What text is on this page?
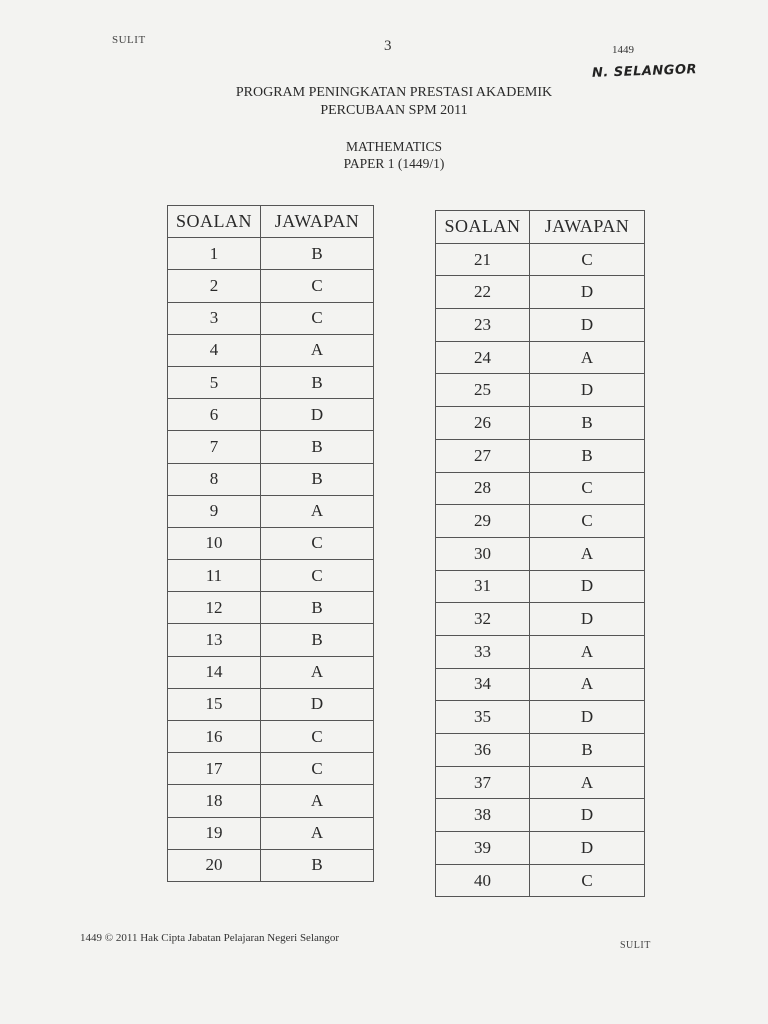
SULIT	3	1449
N. SELANGOR
PROGRAM PENINGKATAN PRESTASI AKADEMIK
PERCUBAAN SPM 2011
MATHEMATICS
PAPER 1 (1449/1)
SOALAN	JAWAPAN
1	B
2	C
3	C
4	A
5	B
6	D
7	B
8	B
9	A
10	C
11	C
12	B
13	B
14	A
15	D
16	C
17	C
18	A
19	A
20	B
SOALAN	JAWAPAN
21	C
22	D
23	D
24	A
25	D
26	B
27	B
28	C
29	C
30	A
31	D
32	D
33	A
34	A
35	D
36	B
37	A
38	D
39	D
40	C
1449 © 2011 Hak Cipta Jabatan Pelajaran Negeri Selangor
SULIT
